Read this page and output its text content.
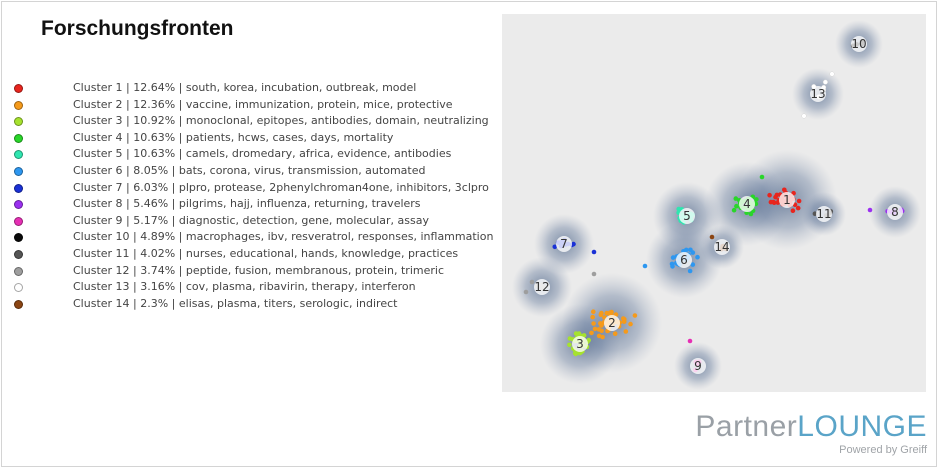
Forschungsfronten
Cluster 1 | 12.64% | south, korea, incubation, outbreak, model
Cluster 2 | 12.36% | vaccine, immunization, protein, mice, protective
Cluster 3 | 10.92% | monoclonal, epitopes, antibodies, domain, neutralizing
Cluster 4 | 10.63% | patients, hcws, cases, days, mortality
Cluster 5 | 10.63% | camels, dromedary, africa, evidence, antibodies
Cluster 6 | 8.05% | bats, corona, virus, transmission, automated
Cluster 7 | 6.03% | plpro, protease, 2phenylchroman4one, inhibitors, 3clpro
Cluster 8 | 5.46% | pilgrims, hajj, influenza, returning, travelers
Cluster 9 | 5.17% | diagnostic, detection, gene, molecular, assay
Cluster 10 | 4.89% | macrophages, ibv, resveratrol, responses, inflammation
Cluster 11 | 4.02% | nurses, educational, hands, knowledge, practices
Cluster 12 | 3.74% | peptide, fusion, membranous, protein, trimeric
Cluster 13 | 3.16% | cov, plasma, ribavirin, therapy, interferon
Cluster 14 | 2.3% | elisas, plasma, titers, serologic, indirect
1
2
3
4
5
6
7
8
9
10
11
12
13
14
PartnerLOUNGE
Powered by Greiff
